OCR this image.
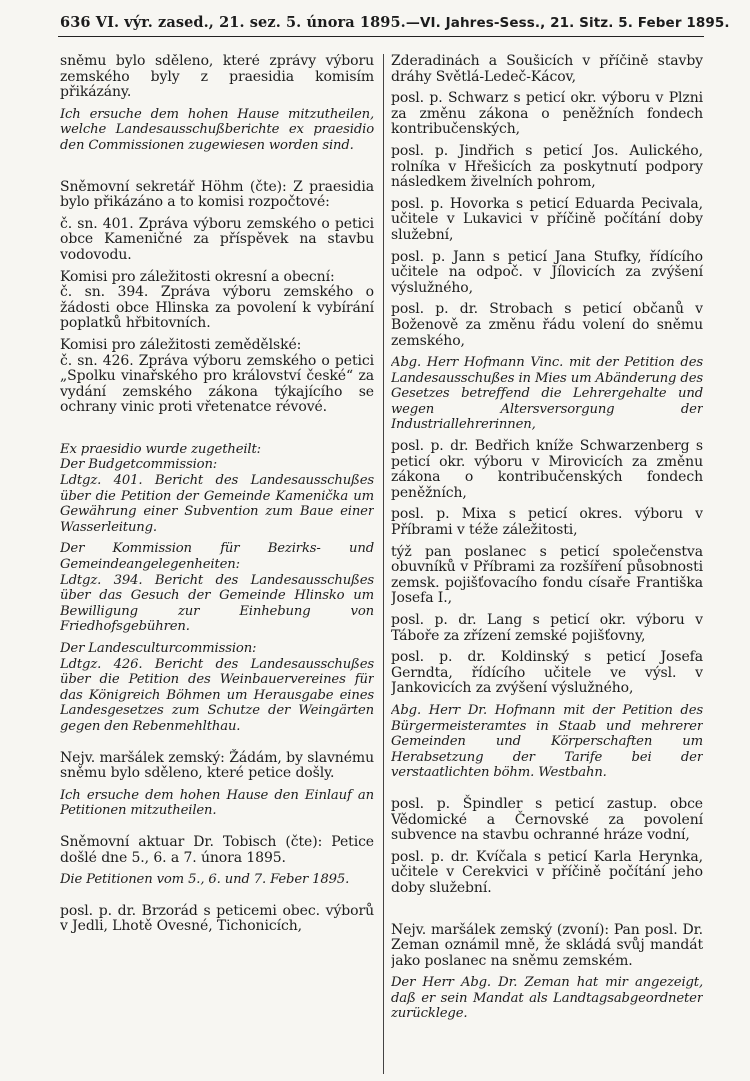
636 VI. výr. zased., 21. sez. 5. února 1895. — VI. Jahres-Sess., 21. Sitz. 5. Feber 1895.

sněmu bylo sděleno, které zprávy výboru zemského byly z praesidia komisím přikázány.

Ich ersuche dem hohen Hause mitzutheilen, welche Landesausschußberichte ex praesidio den Commissionen zugewiesen worden sind.

Sněmovní sekretář Höhm (čte): Z praesidia bylo přikázáno a to komisi rozpočtové:

č. sn. 401. Zpráva výboru zemského o petici obce Kameničné za příspěvek na stavbu vodovodu.

Komisi pro záležitosti okresní a obecní:
č. sn. 394. Zpráva výboru zemského o žádosti obce Hlinska za povolení k vybírání poplatků hřbitovních.

Komisi pro záležitosti zemědělské:
č. sn. 426. Zpráva výboru zemského o petici „Spolku vinařského pro království české“ za vydání zemského zákona týkajícího se ochrany vinic proti vřetenatce révové.

Ex praesidio wurde zugetheilt:
Der Budgetcommission:
Ldtgz. 401. Bericht des Landesausschußes über die Petition der Gemeinde Kamenička um Gewährung einer Subvention zum Baue einer Wasserleitung.

Der Kommission für Bezirks- und Gemeindeangelegenheiten:
Ldtgz. 394. Bericht des Landesausschußes über das Gesuch der Gemeinde Hlinsko um Bewilligung zur Einhebung von Friedhofsgebühren.

Der Landesculturcommission:
Ldtgz. 426. Bericht des Landesausschußes über die Petition des Weinbauervereines für das Königreich Böhmen um Herausgabe eines Landesgesetzes zum Schutze der Weingärten gegen den Rebenmehlthau.

Nejv. maršálek zemský: Žádám, by slavnému sněmu bylo sděleno, které petice došly.

Ich ersuche dem hohen Hause den Einlauf an Petitionen mitzutheilen.

Sněmovní aktuar Dr. Tobisch (čte): Petice došlé dne 5., 6. a 7. února 1895.

Die Petitionen vom 5., 6. und 7. Feber 1895.

posl. p. dr. Brzorád s peticemi obec. výborů v Jedli, Lhotě Ovesné, Tichonicích,

Zderadinách a Soušicích v příčině stavby dráhy Světlá-Ledeč-Kácov,

posl. p. Schwarz s peticí okr. výboru v Plzni za změnu zákona o peněžních fondech kontribučenských,

posl. p. Jindřich s peticí Jos. Aulického, rolníka v Hřešicích za poskytnutí podpory následkem živelních pohrom,

posl. p. Hovorka s peticí Eduarda Pecivala, učitele v Lukavici v příčině počítání doby služební,

posl. p. Jann s peticí Jana Stufky, řídícího učitele na odpoč. v Jílovicích za zvýšení výslužného,

posl. p. dr. Strobach s peticí občanů v Boženově za změnu řádu volení do sněmu zemského,

Abg. Herr Hofmann Vinc. mit der Petition des Landesausschußes in Mies um Abänderung des Gesetzes betreffend die Lehrergehalte und wegen Altersversorgung der Industriallehrerinnen,

posl. p. dr. Bedřich kníže Schwarzenberg s peticí okr. výboru v Mirovicích za změnu zákona o kontribučenských fondech peněžních,

posl. p. Mixa s peticí okres. výboru v Příbrami v téže záležitosti,

týž pan poslanec s peticí společenstva obuvníků v Příbrami za rozšíření působnosti zemsk. pojišťovacího fondu císaře Františka Josefa I.,

posl. p. dr. Lang s peticí okr. výboru v Táboře za zřízení zemské pojišťovny,

posl. p. dr. Koldinský s peticí Josefa Gerndta, řídícího učitele ve výsl. v Jankovicích za zvýšení výslužného,

Abg. Herr Dr. Hofmann mit der Petition des Bürgermeisteramtes in Staab und mehrerer Gemeinden und Körperschaften um Herabsetzung der Tarife bei der verstaatlichten böhm. Westbahn.

posl. p. Špindler s peticí zastup. obce Vědomické a Černovské za povolení subvence na stavbu ochranné hráze vodní,

posl. p. dr. Kvíčala s peticí Karla Herynka, učitele v Cerekvici v příčině počítání jeho doby služební.

Nejv. maršálek zemský (zvoní): Pan posl. Dr. Zeman oznámil mně, že skládá svůj mandát jako poslanec na sněmu zemském.

Der Herr Abg. Dr. Zeman hat mir angezeigt, daß er sein Mandat als Landtagsabgeordneter zurücklege.
